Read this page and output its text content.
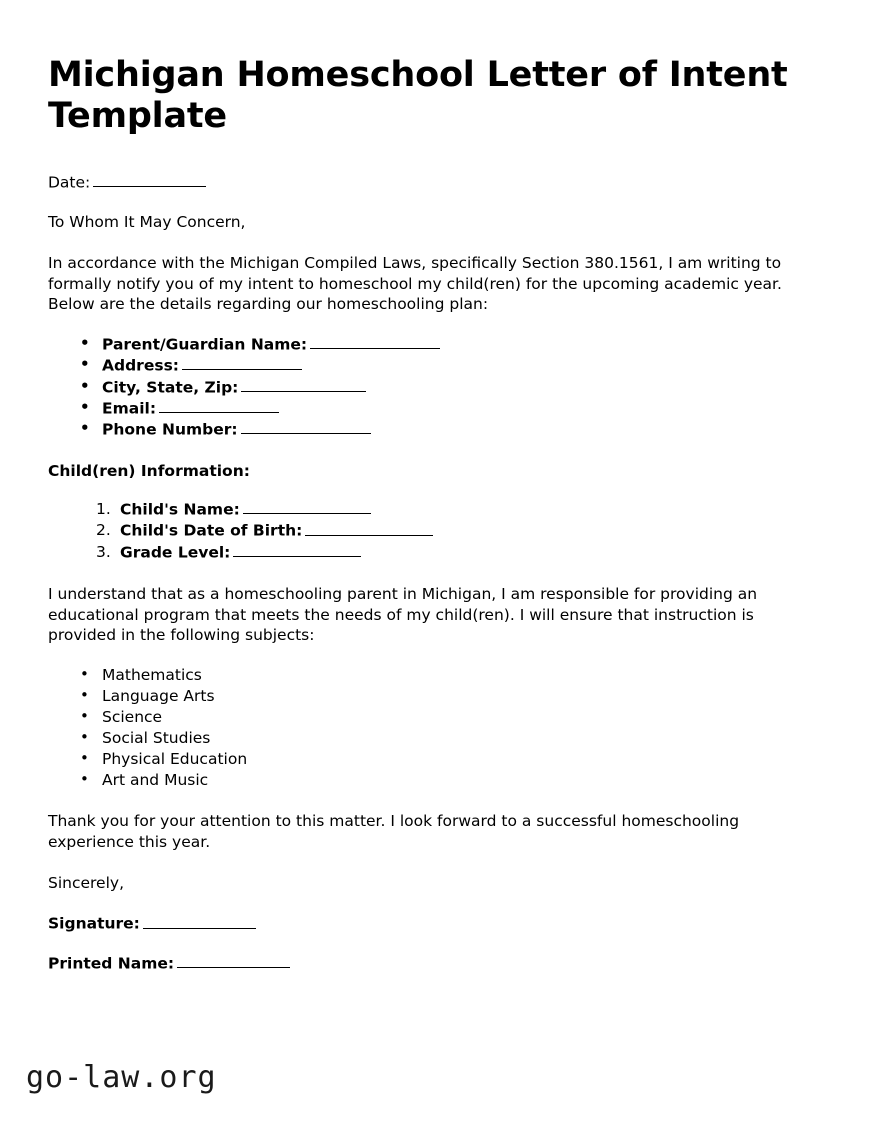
Michigan Homeschool Letter of Intent Template

Date:

To Whom It May Concern,

In accordance with the Michigan Compiled Laws, specifically Section 380.1561, I am writing to formally notify you of my intent to homeschool my child(ren) for the upcoming academic year. Below are the details regarding our homeschooling plan:

• Parent/Guardian Name:
• Address:
• City, State, Zip:
• Email:
• Phone Number:
Child(ren) Information:
Child's Name:
Child's Date of Birth:
Grade Level:

I understand that as a homeschooling parent in Michigan, I am responsible for providing an educational program that meets the needs of my child(ren). I will ensure that instruction is provided in the following subjects:

• Mathematics
• Language Arts
• Science
• Social Studies
• Physical Education
• Art and Music

Thank you for your attention to this matter. I look forward to a successful homeschooling experience this year.

Sincerely,

Signature:

Printed Name:

go-law.org
